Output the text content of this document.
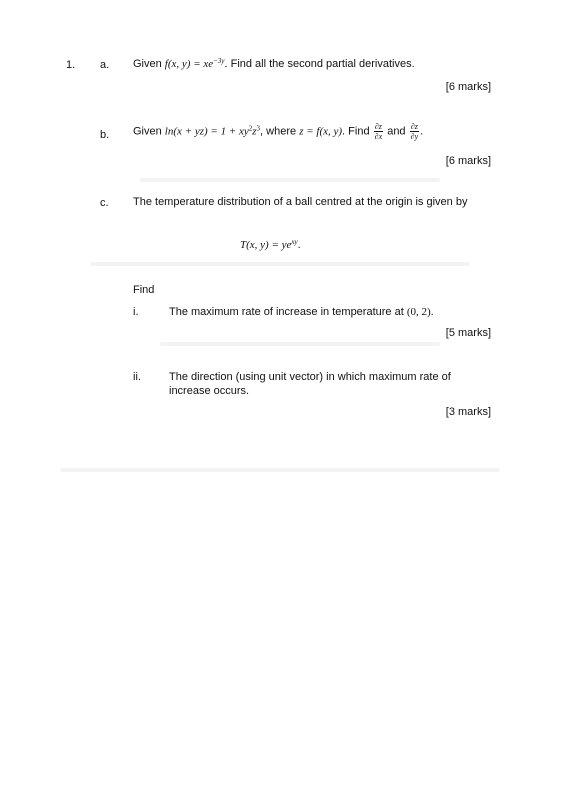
1. a. Given f(x, $y) = xe^{-3y}$. Find all the second partial derivatives.
[6 marks]
b. Given $\ln(x + yz) = 1 + xy^2z^3$, where z = f(x, y). Find $\frac{\partial z}{\partial x}$ and $\frac{\partial z}{\partial y}$ .
[6 marks]
c. The temperature distribution of a ball centred at the origin is given by
T(x, $y) = ye^{xy}$.
Find
i.	The maximum rate of increase in temperature at (0, 2).
[5 marks]
ii.	The direction (using unit vector) in which maximum rate of
increase occurs.
[3 marks]
